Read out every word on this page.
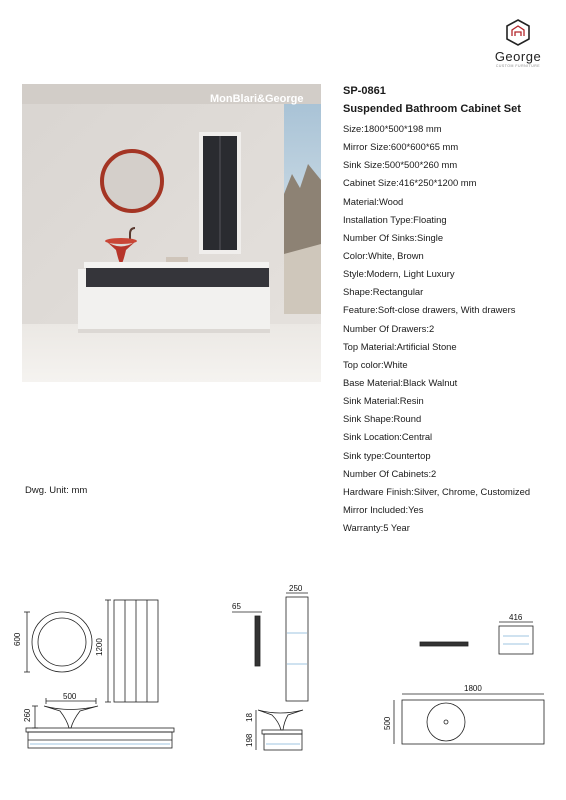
George
CUSTOM FURNITURE
MonBlari&George
SP-0861
Suspended Bathroom Cabinet Set
Size:1800*500*198 mm
Mirror Size:600*600*65 mm
Sink Size:500*500*260 mm
Cabinet Size:416*250*1200 mm
Material:Wood
Installation Type:Floating
Number Of Sinks:Single
Color:White, Brown
Style:Modern, Light Luxury
Shape:Rectangular
Feature:Soft-close drawers, With drawers
Number Of Drawers:2
Top Material:Artificial Stone
Top color:White
Base Material:Black Walnut
Sink Material:Resin
Sink Shape:Round
Sink Location:Central
Sink type:Countertop
Number Of Cabinets:2
Hardware Finish:Silver, Chrome, Customized
Mirror Included:Yes
Warranty:5 Year
Dwg. Unit: mm
600	1200
500
260
65
250
18
198
416
1800
500
